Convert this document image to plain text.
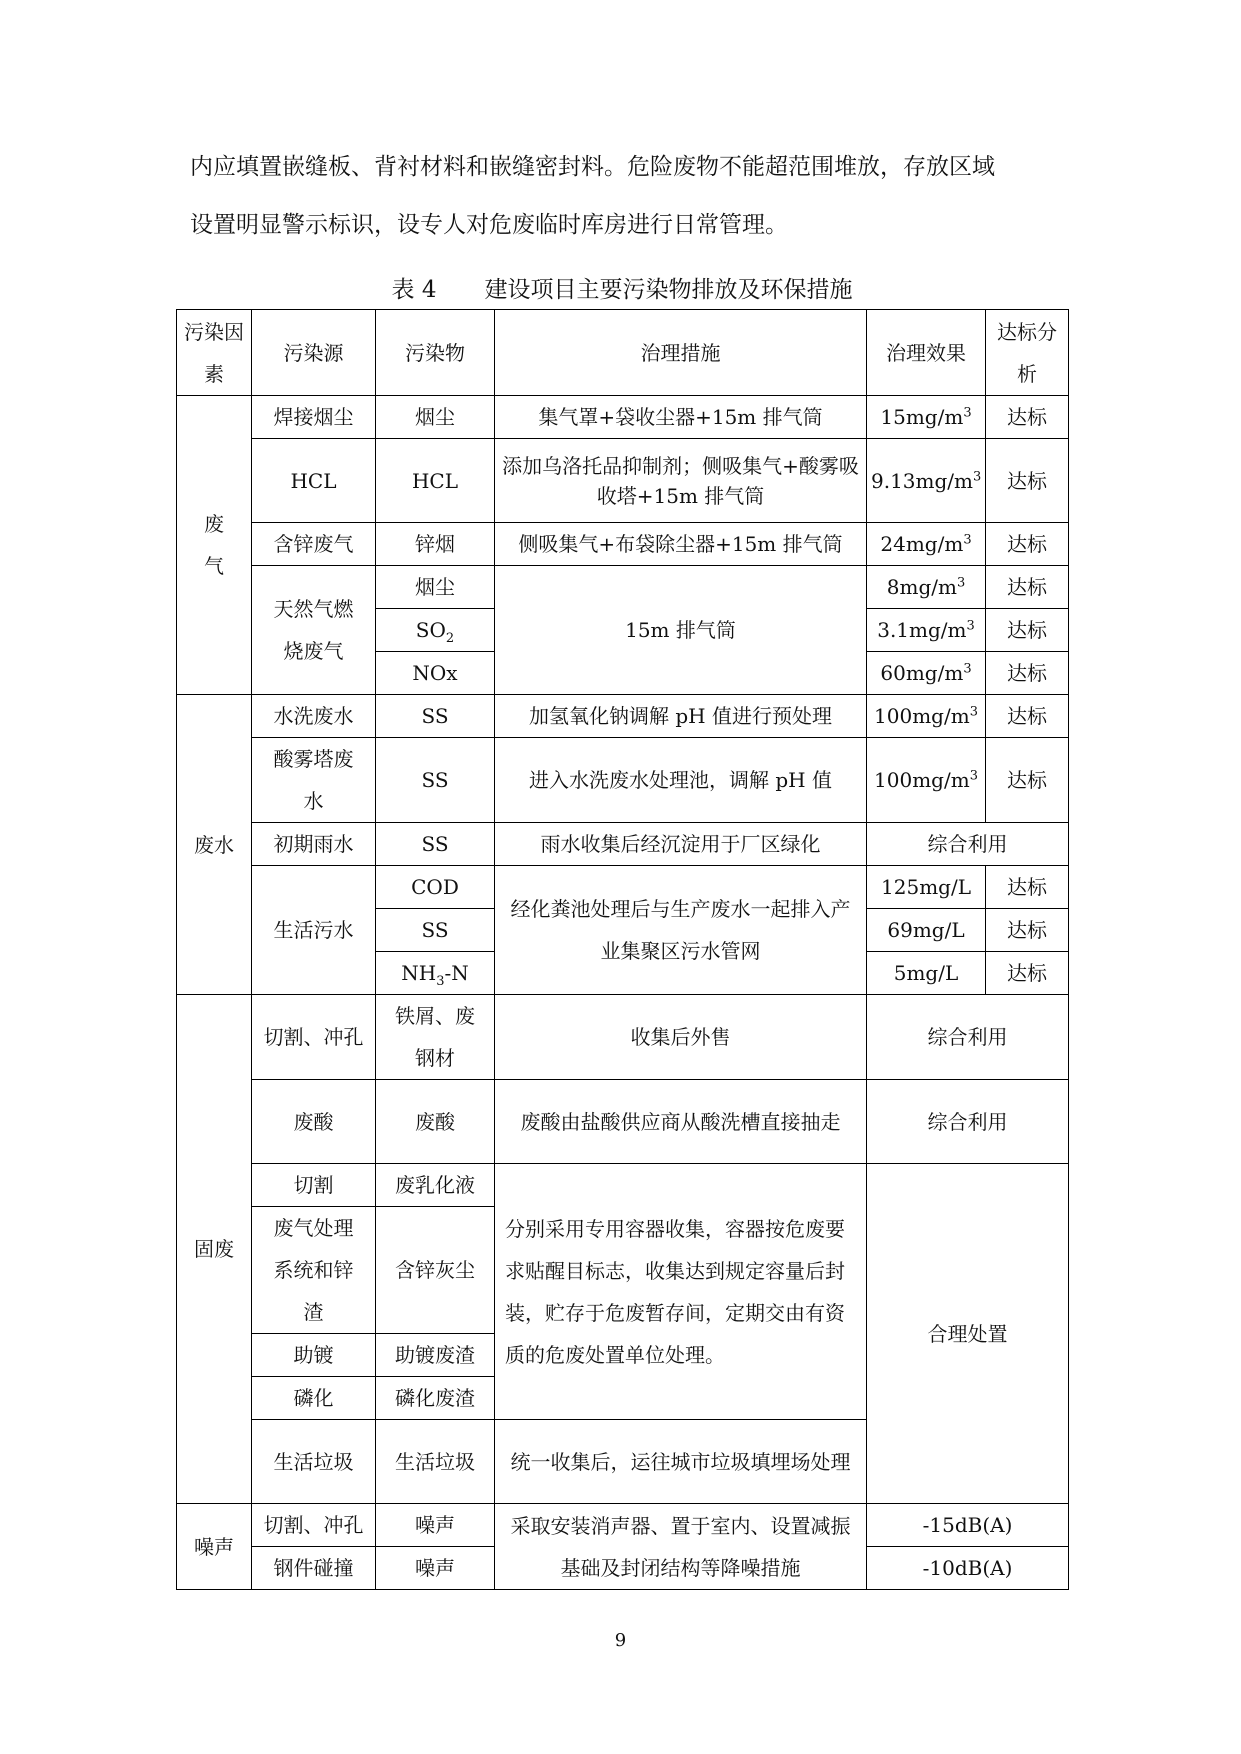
内应填置嵌缝板、背衬材料和嵌缝密封料。危险废物不能超范围堆放，存放区域
设置明显警示标识，设专人对危废临时库房进行日常管理。
表 4 建设项目主要污染物排放及环保措施
污染因素	污染源	污染物	治理措施	治理效果	达标分析
废气	焊接烟尘	烟尘	集气罩+袋收尘器+15m 排气筒	$15mg/m^3$	达标
	HCL	HCL	添加乌洛托品抑制剂；侧吸集气+酸雾吸收塔+15m 排气筒	$9.13mg/m^3$	达标
	含锌废气	锌烟	侧吸集气+布袋除尘器+15m 排气筒	$24mg/m^3$	达标
	天然气燃烧废气	烟尘	15m 排气筒	$8mg/m^3$	达标
		$SO_2$		$3.1mg/m^3$	达标
		NOx		$60mg/m^3$	达标
废水	水洗废水	SS	加氢氧化钠调解 pH 值进行预处理	$100mg/m^3$	达标
	酸雾塔废水	SS	进入水洗废水处理池，调解 pH 值	$100mg/m^3$	达标
	初期雨水	SS	雨水收集后经沉淀用于厂区绿化	综合利用	
	生活污水	COD	经化粪池处理后与生产废水一起排入产业集聚区污水管网	125mg/L	达标
		SS		69mg/L	达标
		$NH_3-N$		5mg/L	达标
固废	切割、冲孔	铁屑、废钢材	收集后外售	综合利用	
	废酸	废酸	废酸由盐酸供应商从酸洗槽直接抽走	综合利用	
	切割	废乳化液	分别采用专用容器收集，容器按危废要求贴醒目标志，收集达到规定容量后封装，贮存于危废暂存间，定期交由有资质的危废处置单位处理。	合理处置	
	废气处理系统和锌渣	含锌灰尘			
	助镀	助镀废渣			
	磷化	磷化废渣			
	生活垃圾	生活垃圾	统一收集后，运往城市垃圾填埋场处理		
噪声	切割、冲孔	噪声	采取安装消声器、置于室内、设置减振基础及封闭结构等降噪措施	-15dB(A)	
	钢件碰撞	噪声		-10dB(A)	
9
